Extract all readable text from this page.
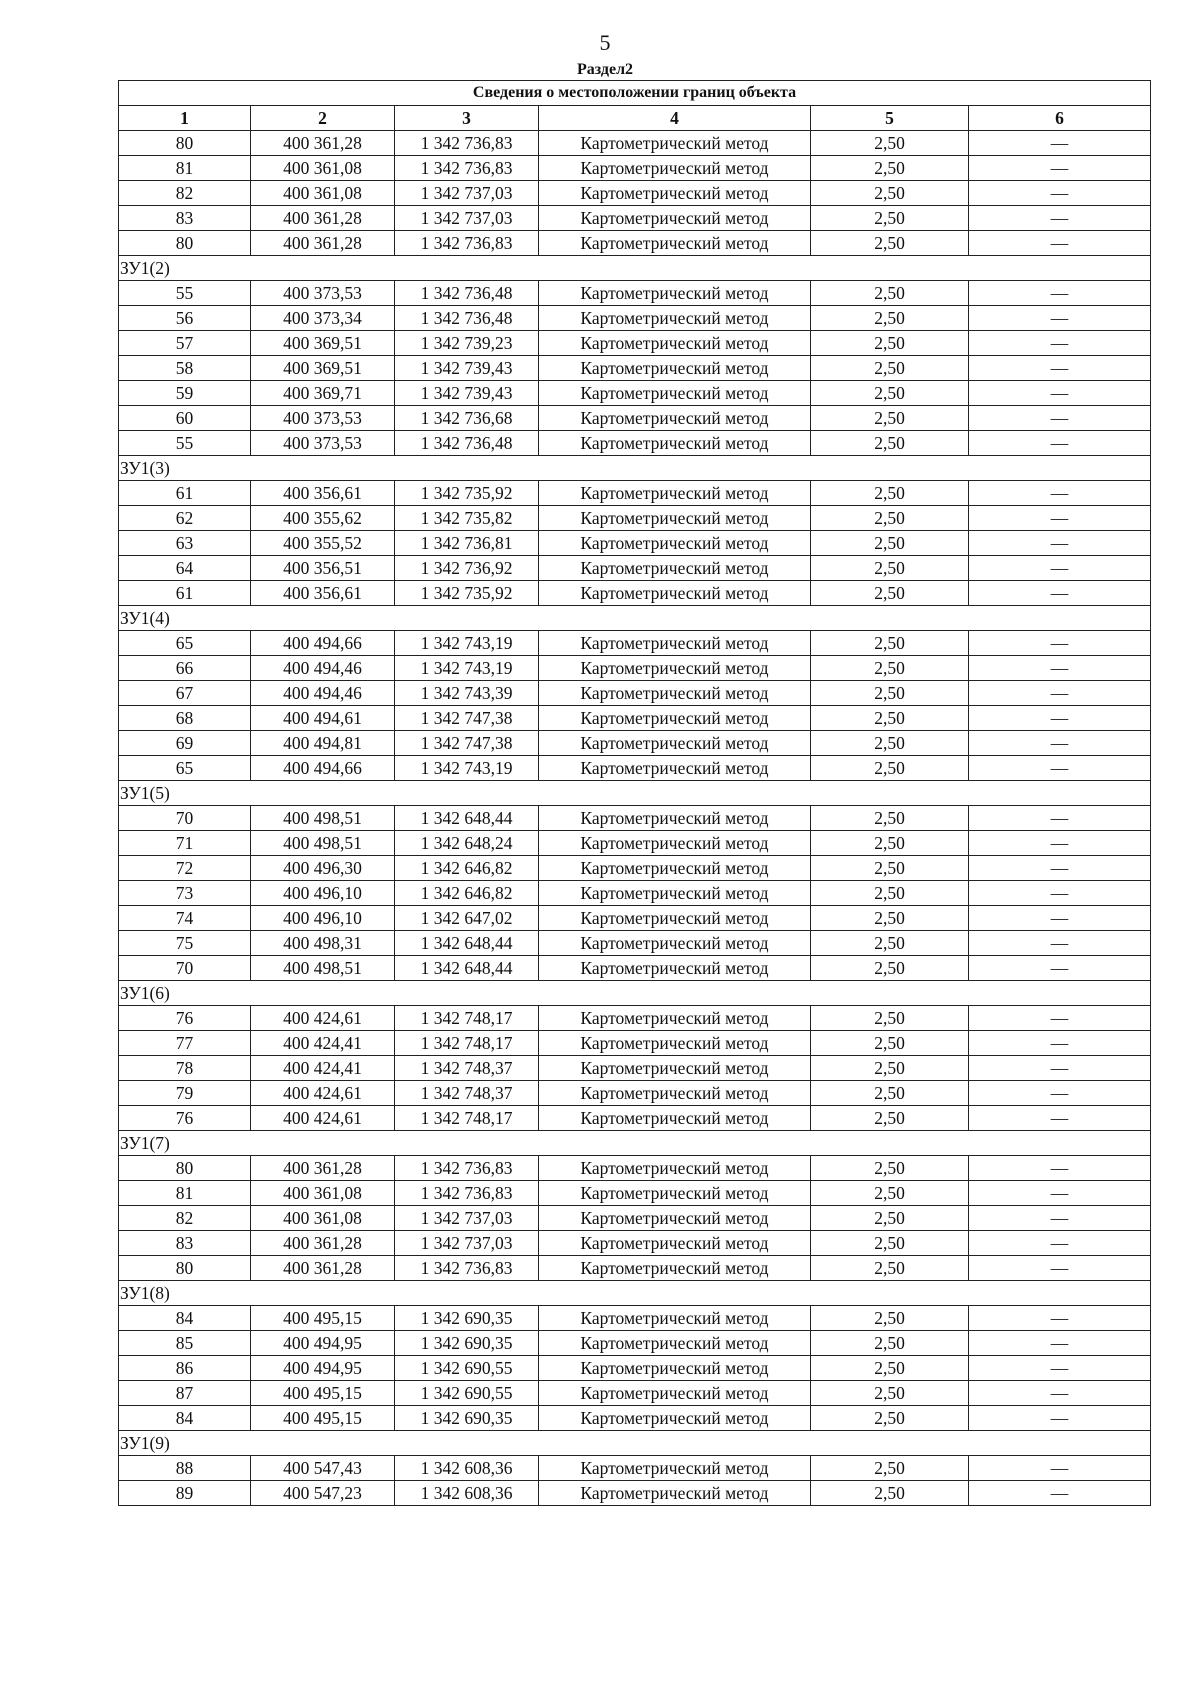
5
Раздел2
Сведения о местоположении границ объекта					
1	2	3	4	5	6
80	400 361,28	1 342 736,83	Картометрический метод	2,50	—
81	400 361,08	1 342 736,83	Картометрический метод	2,50	—
82	400 361,08	1 342 737,03	Картометрический метод	2,50	—
83	400 361,28	1 342 737,03	Картометрический метод	2,50	—
80	400 361,28	1 342 736,83	Картометрический метод	2,50	—
ЗУ1(2)					
55	400 373,53	1 342 736,48	Картометрический метод	2,50	—
56	400 373,34	1 342 736,48	Картометрический метод	2,50	—
57	400 369,51	1 342 739,23	Картометрический метод	2,50	—
58	400 369,51	1 342 739,43	Картометрический метод	2,50	—
59	400 369,71	1 342 739,43	Картометрический метод	2,50	—
60	400 373,53	1 342 736,68	Картометрический метод	2,50	—
55	400 373,53	1 342 736,48	Картометрический метод	2,50	—
ЗУ1(3)					
61	400 356,61	1 342 735,92	Картометрический метод	2,50	—
62	400 355,62	1 342 735,82	Картометрический метод	2,50	—
63	400 355,52	1 342 736,81	Картометрический метод	2,50	—
64	400 356,51	1 342 736,92	Картометрический метод	2,50	—
61	400 356,61	1 342 735,92	Картометрический метод	2,50	—
ЗУ1(4)					
65	400 494,66	1 342 743,19	Картометрический метод	2,50	—
66	400 494,46	1 342 743,19	Картометрический метод	2,50	—
67	400 494,46	1 342 743,39	Картометрический метод	2,50	—
68	400 494,61	1 342 747,38	Картометрический метод	2,50	—
69	400 494,81	1 342 747,38	Картометрический метод	2,50	—
65	400 494,66	1 342 743,19	Картометрический метод	2,50	—
ЗУ1(5)					
70	400 498,51	1 342 648,44	Картометрический метод	2,50	—
71	400 498,51	1 342 648,24	Картометрический метод	2,50	—
72	400 496,30	1 342 646,82	Картометрический метод	2,50	—
73	400 496,10	1 342 646,82	Картометрический метод	2,50	—
74	400 496,10	1 342 647,02	Картометрический метод	2,50	—
75	400 498,31	1 342 648,44	Картометрический метод	2,50	—
70	400 498,51	1 342 648,44	Картометрический метод	2,50	—
ЗУ1(6)					
76	400 424,61	1 342 748,17	Картометрический метод	2,50	—
77	400 424,41	1 342 748,17	Картометрический метод	2,50	—
78	400 424,41	1 342 748,37	Картометрический метод	2,50	—
79	400 424,61	1 342 748,37	Картометрический метод	2,50	—
76	400 424,61	1 342 748,17	Картометрический метод	2,50	—
ЗУ1(7)					
80	400 361,28	1 342 736,83	Картометрический метод	2,50	—
81	400 361,08	1 342 736,83	Картометрический метод	2,50	—
82	400 361,08	1 342 737,03	Картометрический метод	2,50	—
83	400 361,28	1 342 737,03	Картометрический метод	2,50	—
80	400 361,28	1 342 736,83	Картометрический метод	2,50	—
ЗУ1(8)					
84	400 495,15	1 342 690,35	Картометрический метод	2,50	—
85	400 494,95	1 342 690,35	Картометрический метод	2,50	—
86	400 494,95	1 342 690,55	Картометрический метод	2,50	—
87	400 495,15	1 342 690,55	Картометрический метод	2,50	—
84	400 495,15	1 342 690,35	Картометрический метод	2,50	—
ЗУ1(9)					
88	400 547,43	1 342 608,36	Картометрический метод	2,50	—
89	400 547,23	1 342 608,36	Картометрический метод	2,50	—
